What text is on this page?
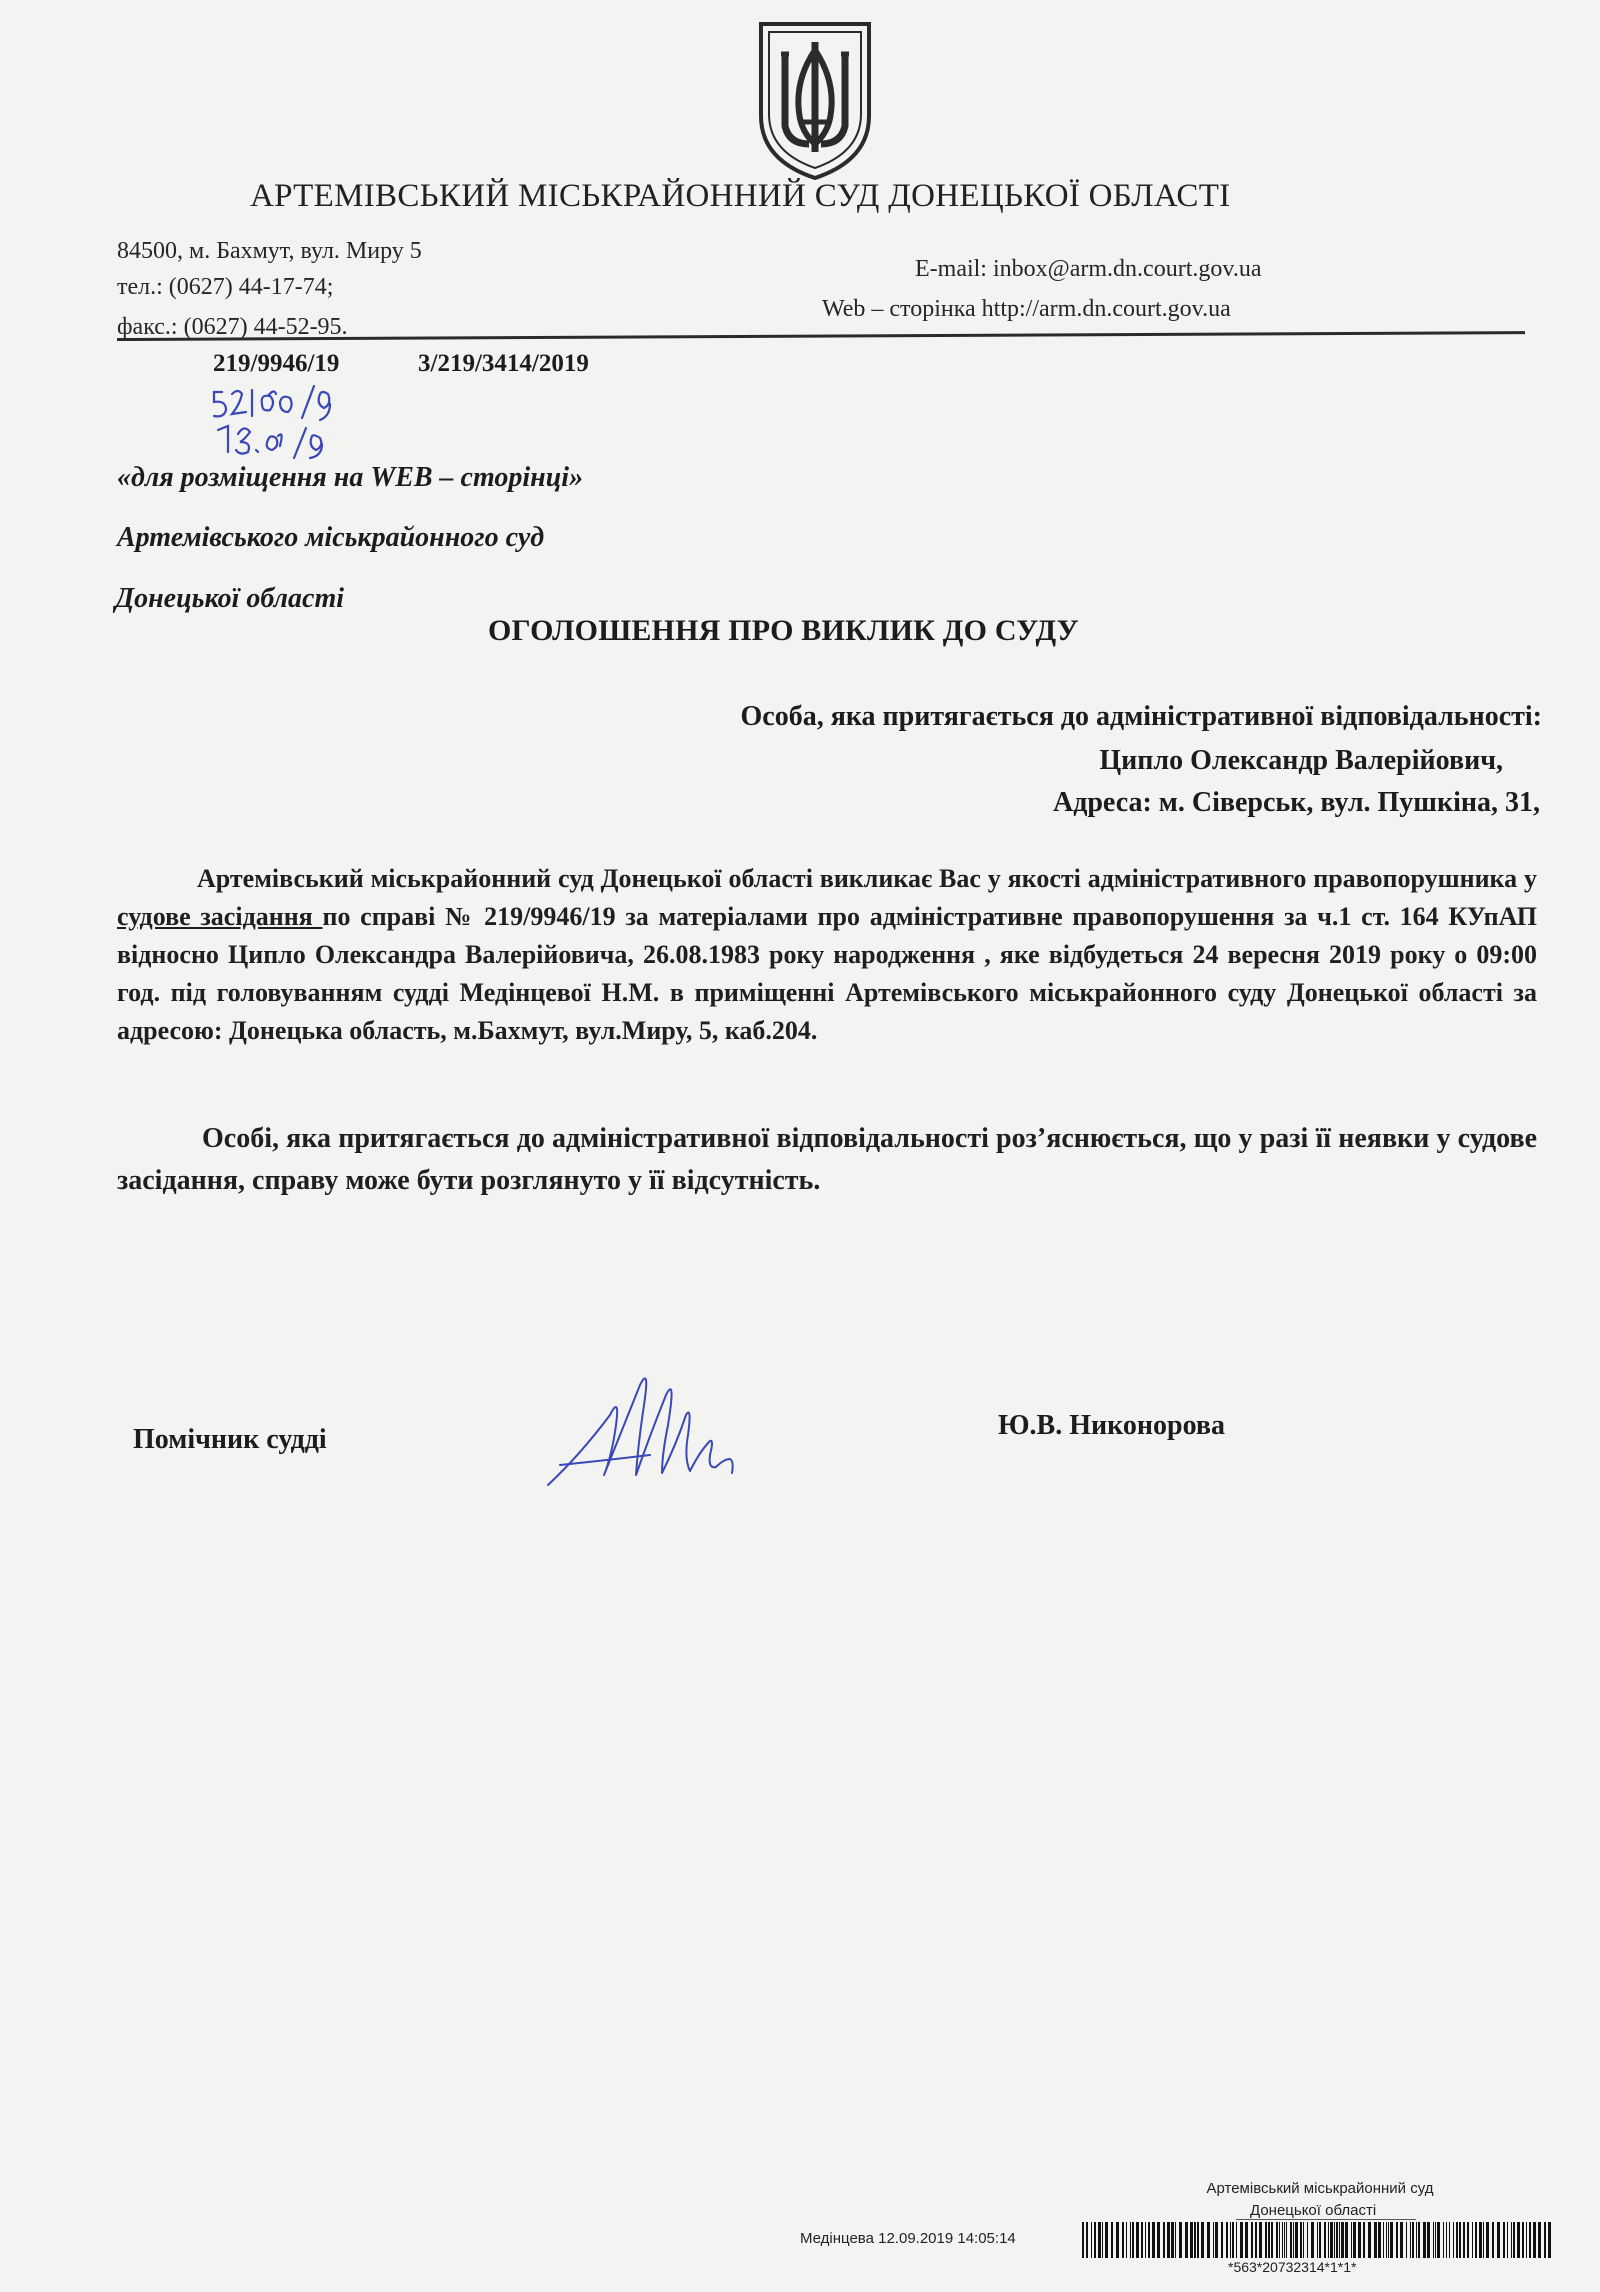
АРТЕМІВСЬКИЙ МІСЬКРАЙОННИЙ СУД ДОНЕЦЬКОЇ ОБЛАСТІ
84500, м. Бахмут, вул. Миру 5
тел.: (0627) 44-17-74;
факс.: (0627) 44-52-95.
E-mail: inbox@arm.dn.court.gov.ua
Web – сторінка http://arm.dn.court.gov.ua
219/9946/19	3/219/3414/2019
«для розміщення на WEB – сторінці»
Артемівського міськрайонного суд
Донецької області
ОГОЛОШЕННЯ ПРО ВИКЛИК ДО СУДУ
Особа, яка притягається до адміністративної відповідальності:
Ципло Олександр Валерійович,
Адреса: м. Сіверськ, вул. Пушкіна, 31,
Артемівський міськрайонний суд Донецької області викликає Вас у якості адміністративного правопорушника у судове засідання по справі № 219/9946/19 за матеріалами про адміністративне правопорушення за ч.1 ст. 164 КУпАП відносно Ципло Олександра Валерійовича, 26.08.1983 року народження , яке відбудеться 24 вересня 2019 року о 09:00 год. під головуванням судді Медінцевої Н.М. в приміщенні Артемівського міськрайонного суду Донецької області за адресою: Донецька область, м.Бахмут, вул.Миру, 5, каб.204.
Особі, яка притягається до адміністративної відповідальності роз’яснюється, що у разі її неявки у судове засідання, справу може бути розглянуто у її відсутність.
Помічник судді	Ю.В. Никонорова
Артемівський міськрайонний суд
Донецької області
Медінцева 12.09.2019 14:05:14
*563*20732314*1*1*
